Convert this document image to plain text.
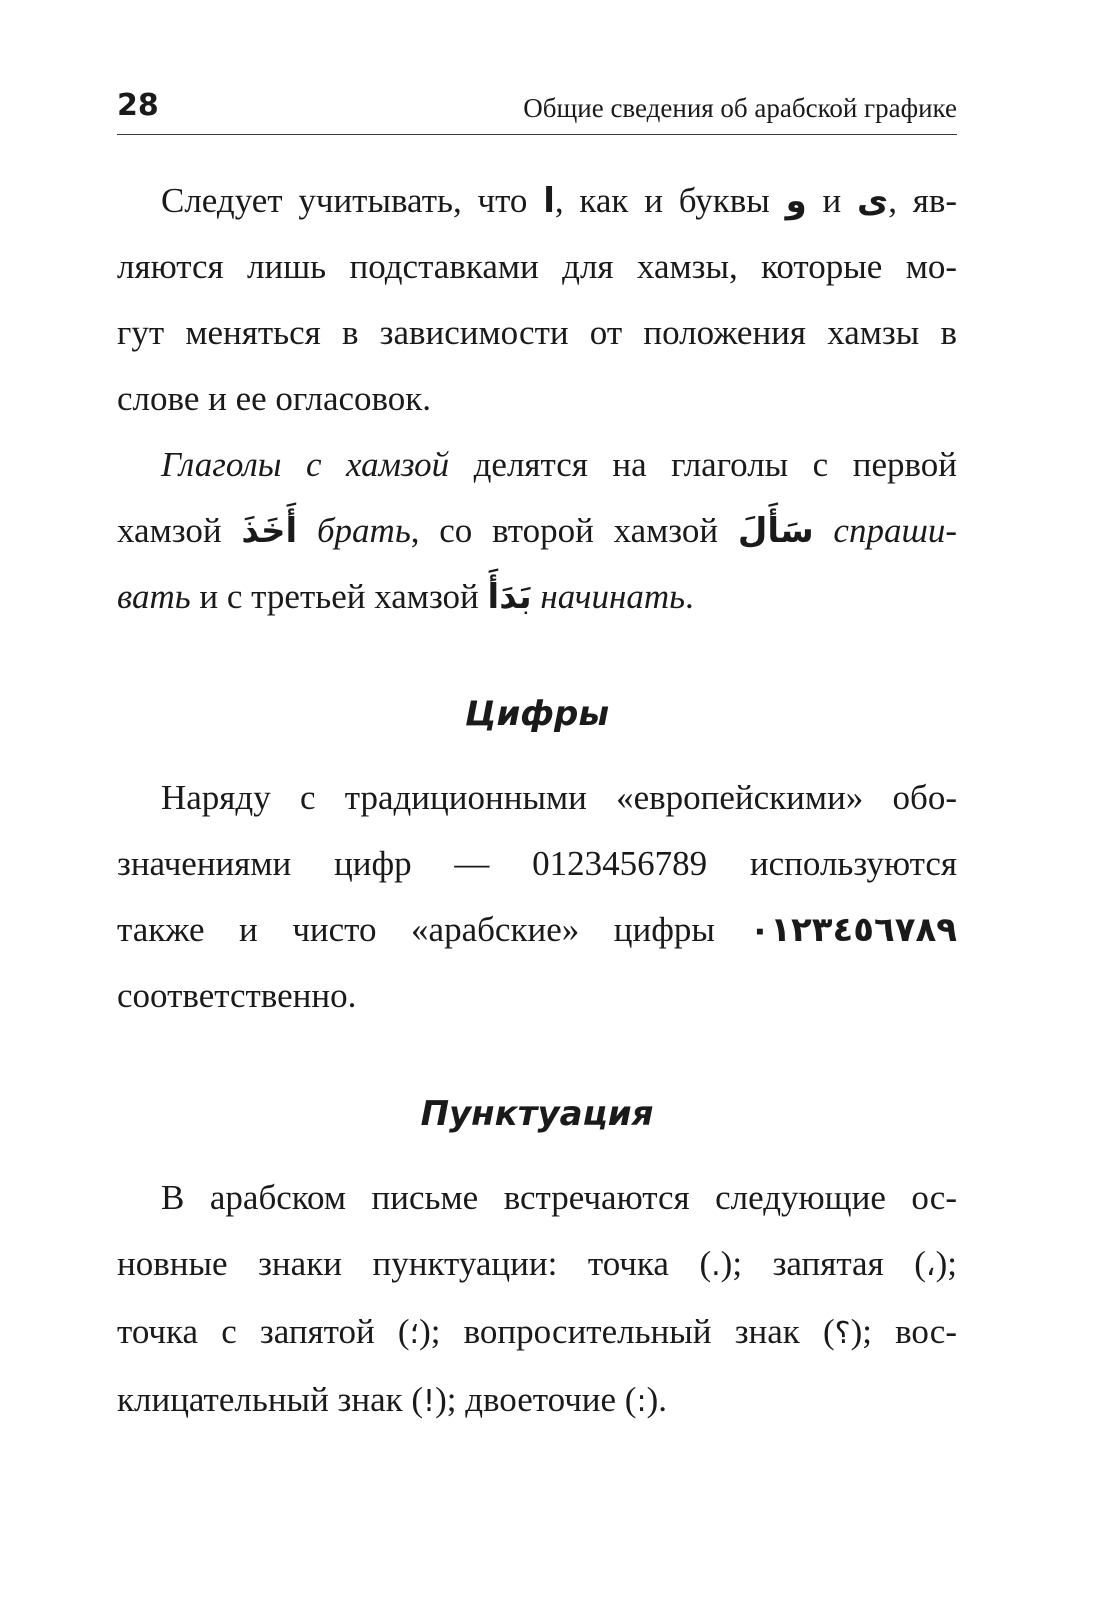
28	Общие сведения об арабской графике
Следует учитывать, что ا, как и буквы و и ى, яв-
ляются лишь подставками для хамзы, которые мо-
гут меняться в зависимости от положения хамзы в
слове и ее огласовок.
Глаголы с хамзой делятся на глаголы с первой
хамзой أَخَذَ брать, со второй хамзой سَأَلَ спраши-
вать и с третьей хамзой بَدَأَ начинать.
Цифры
Наряду с традиционными «европейскими» обо-
значениями цифр — 0123456789 используются
также и чисто «арабские» цифры ٠١٢٣٤٥٦٧٨٩
соответственно.
Пунктуация
В арабском письме встречаются следующие ос-
новные знаки пунктуации: точка (.); запятая (،);
точка с запятой (؛); вопросительный знак (؟); вос-
клицательный знак (!); двоеточие (:).
